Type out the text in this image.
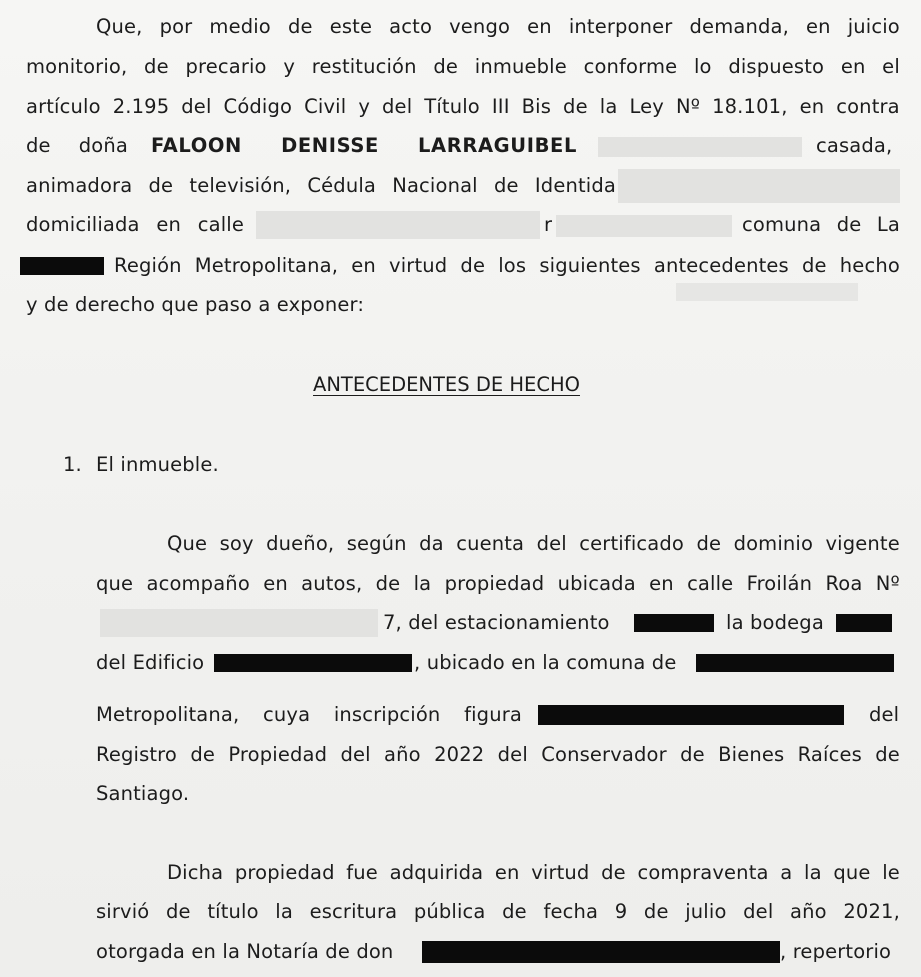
Que, por medio de este acto vengo en interponer demanda, en juicio
monitorio, de precario y restitución de inmueble conforme lo dispuesto en el
artículo 2.195 del Código Civil y del Título III Bis de la Ley Nº 18.101, en contra
de doña FALOON DENISSE LARRAGUIBEL	casada,
animadora de televisión, Cédula Nacional de Identida
domiciliada en calle	r	comuna de La
Región Metropolitana, en virtud de los siguientes antecedentes de hecho
y de derecho que paso a exponer:
ANTECEDENTES DE HECHO
1. El inmueble.
Que soy dueño, según da cuenta del certificado de dominio vigente
que acompaño en autos, de la propiedad ubicada en calle Froilán Roa Nº
7, del estacionamiento	la bodega
del Edificio	, ubicado en la comuna de
Metropolitana, cuya inscripción figura	del
Registro de Propiedad del año 2022 del Conservador de Bienes Raíces de
Santiago.
Dicha propiedad fue adquirida en virtud de compraventa a la que le
sirvió de título la escritura pública de fecha 9 de julio del año 2021,
otorgada en la Notaría de don	, repertorio
